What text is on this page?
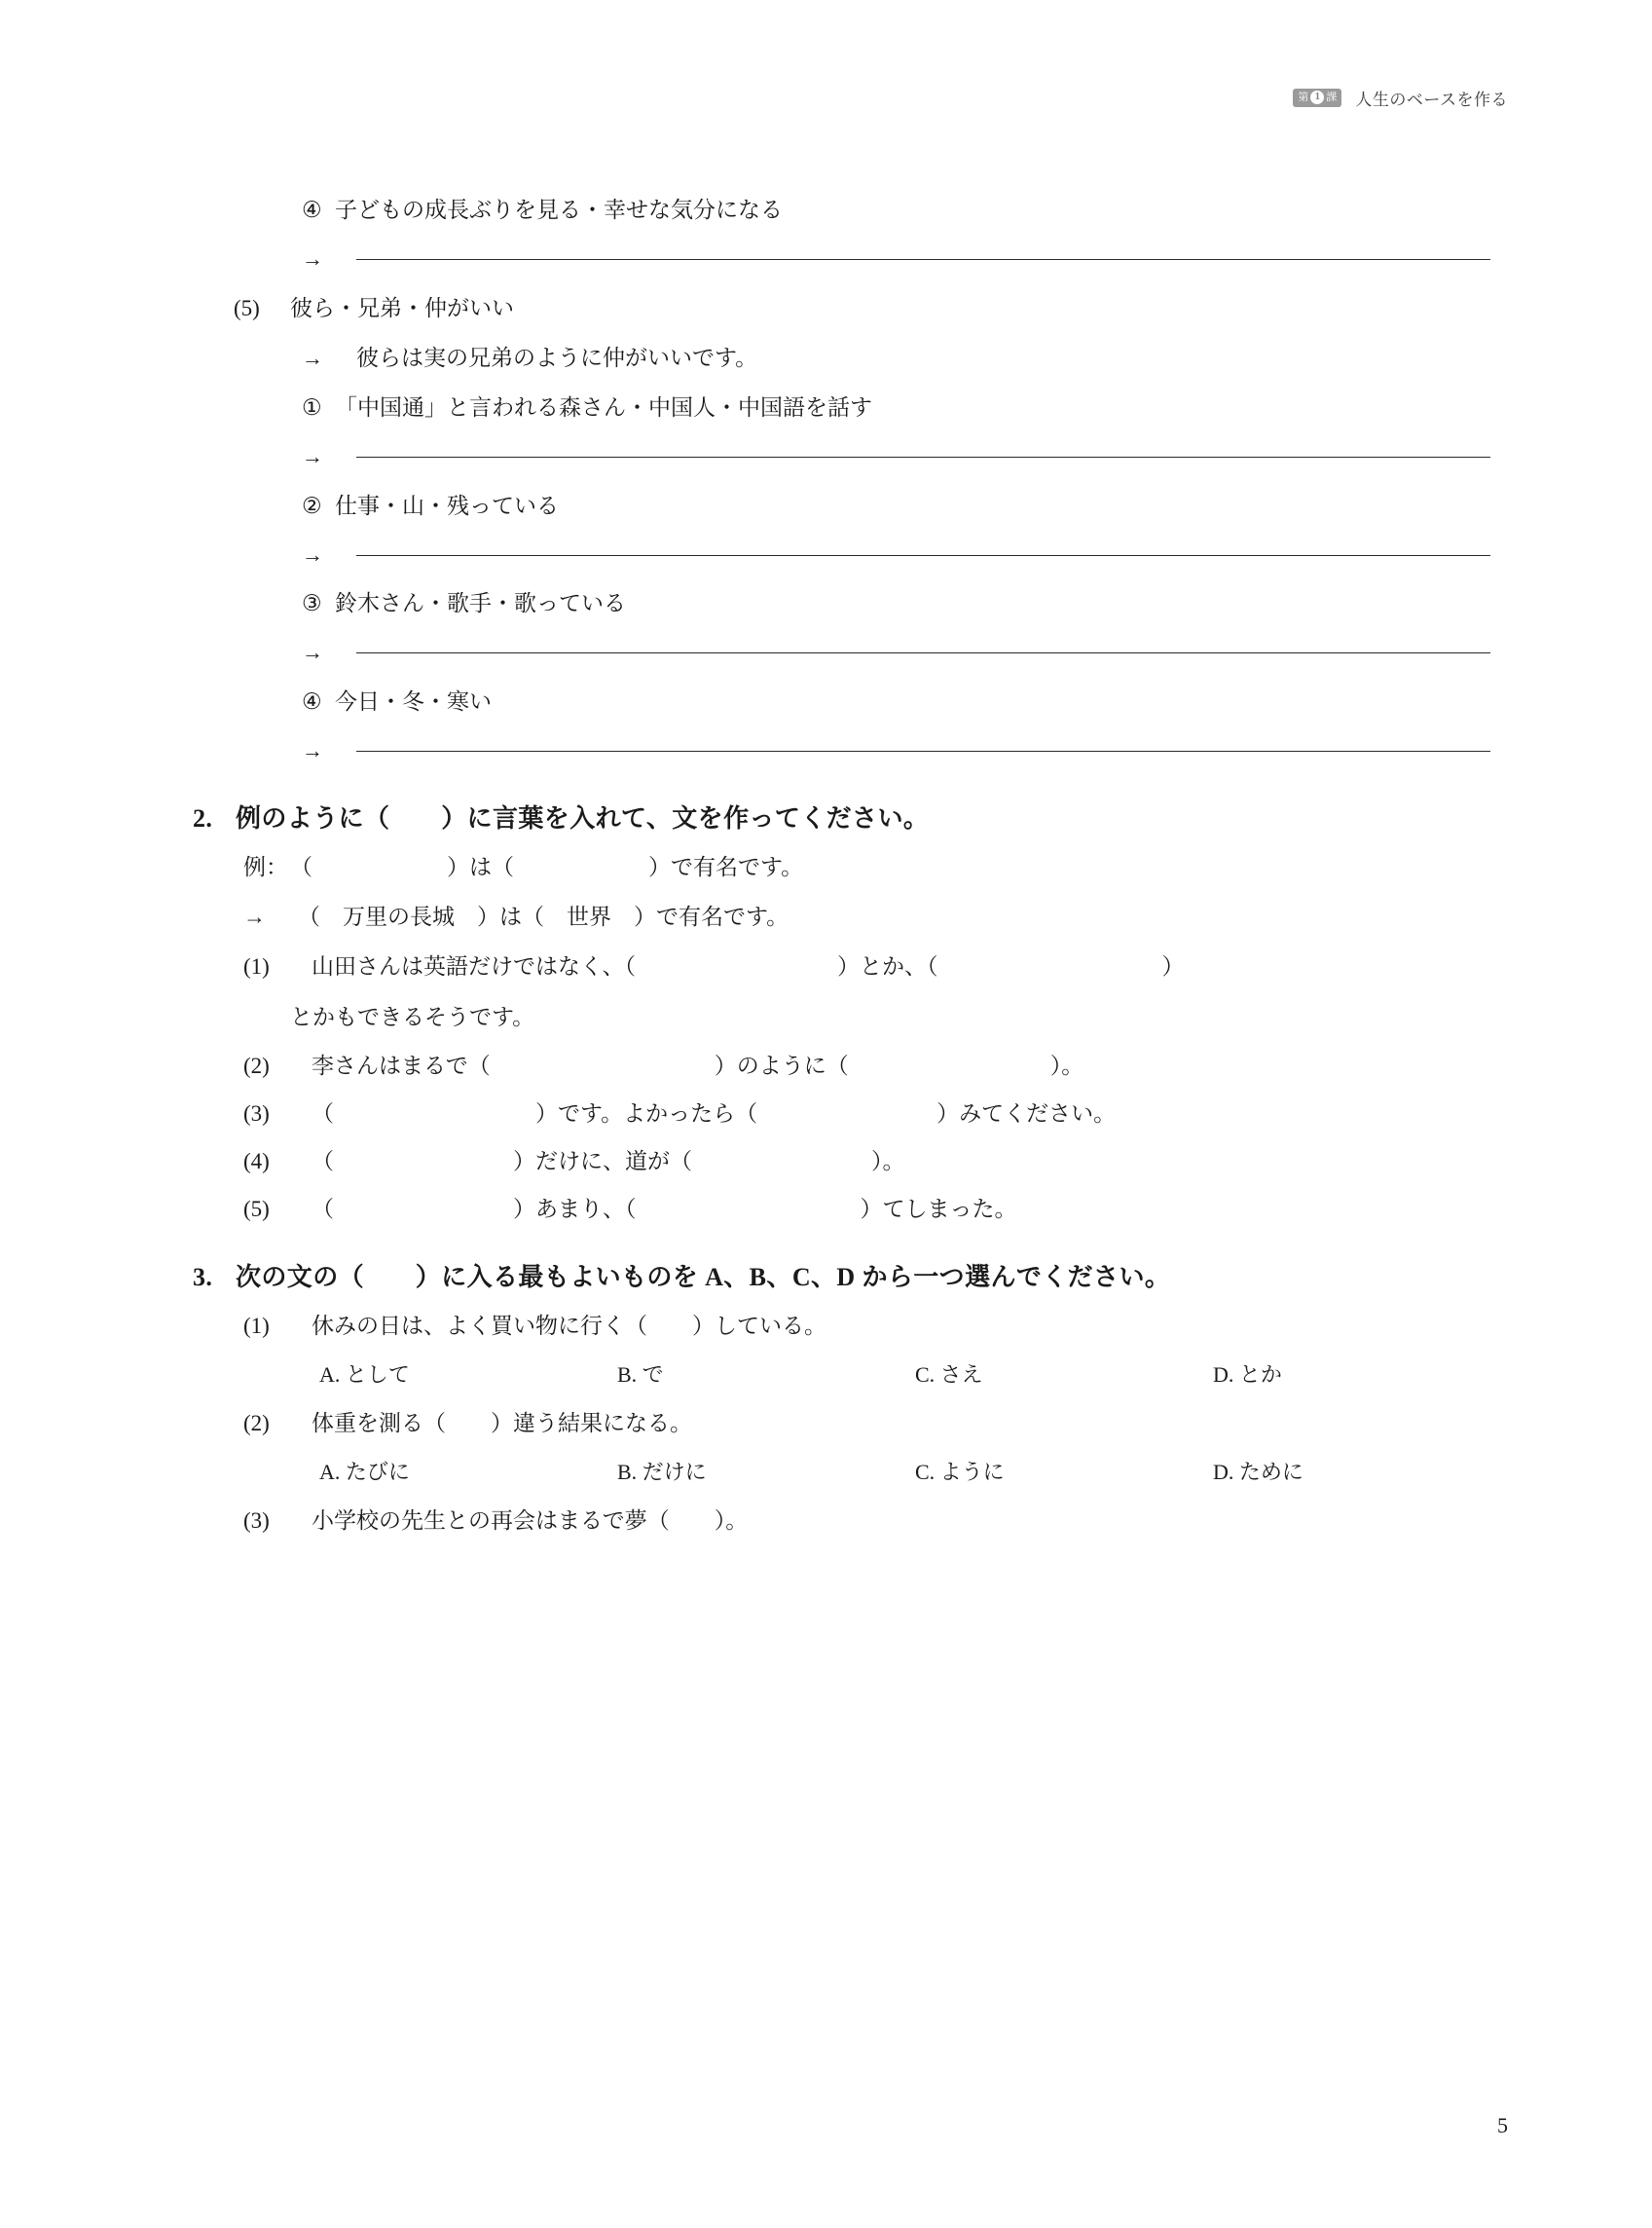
第 1 課 人生のベースを作る
④ 子どもの成長ぶりを見る・幸せな気分になる
→
(5)	彼ら・兄弟・仲がいい
→	彼らは実の兄弟のように仲がいいです。
① 「中国通」と言われる森さん・中国人・中国語を話す
→
② 仕事・山・残っている
→
③ 鈴木さん・歌手・歌っている
→
④ 今日・冬・寒い
→
2. 例のように（　　）に言葉を入れて、文を作ってください。
例： （　　　　　　）は（　　　　　　）で有名です。
→	（　万里の長城　）は（　世界　）で有名です。
(1)	山田さんは英語だけではなく、（　　　　　　　　　）とか、（　　　　　　　　　　）
とかもできるそうです。
(2)	李さんはまるで（　　　　　　　　　　）のように（　　　　　　　　　）。
(3)	（　　　　　　　　　）です。よかったら（　　　　　　　　）みてください。
(4)	（　　　　　　　　）だけに、道が（　　　　　　　　）。
(5)	（　　　　　　　　）あまり、（　　　　　　　　　　）てしまった。
3. 次の文の（　　）に入る最もよいものを A、B、C、D から一つ選んでください。
(1)	休みの日は、よく買い物に行く（　　）している。
A. として	B. で	C. さえ	D. とか
(2)	体重を測る（　　）違う結果になる。
A. たびに	B. だけに	C. ように	D. ために
(3)	小学校の先生との再会はまるで夢（　　）。
5
